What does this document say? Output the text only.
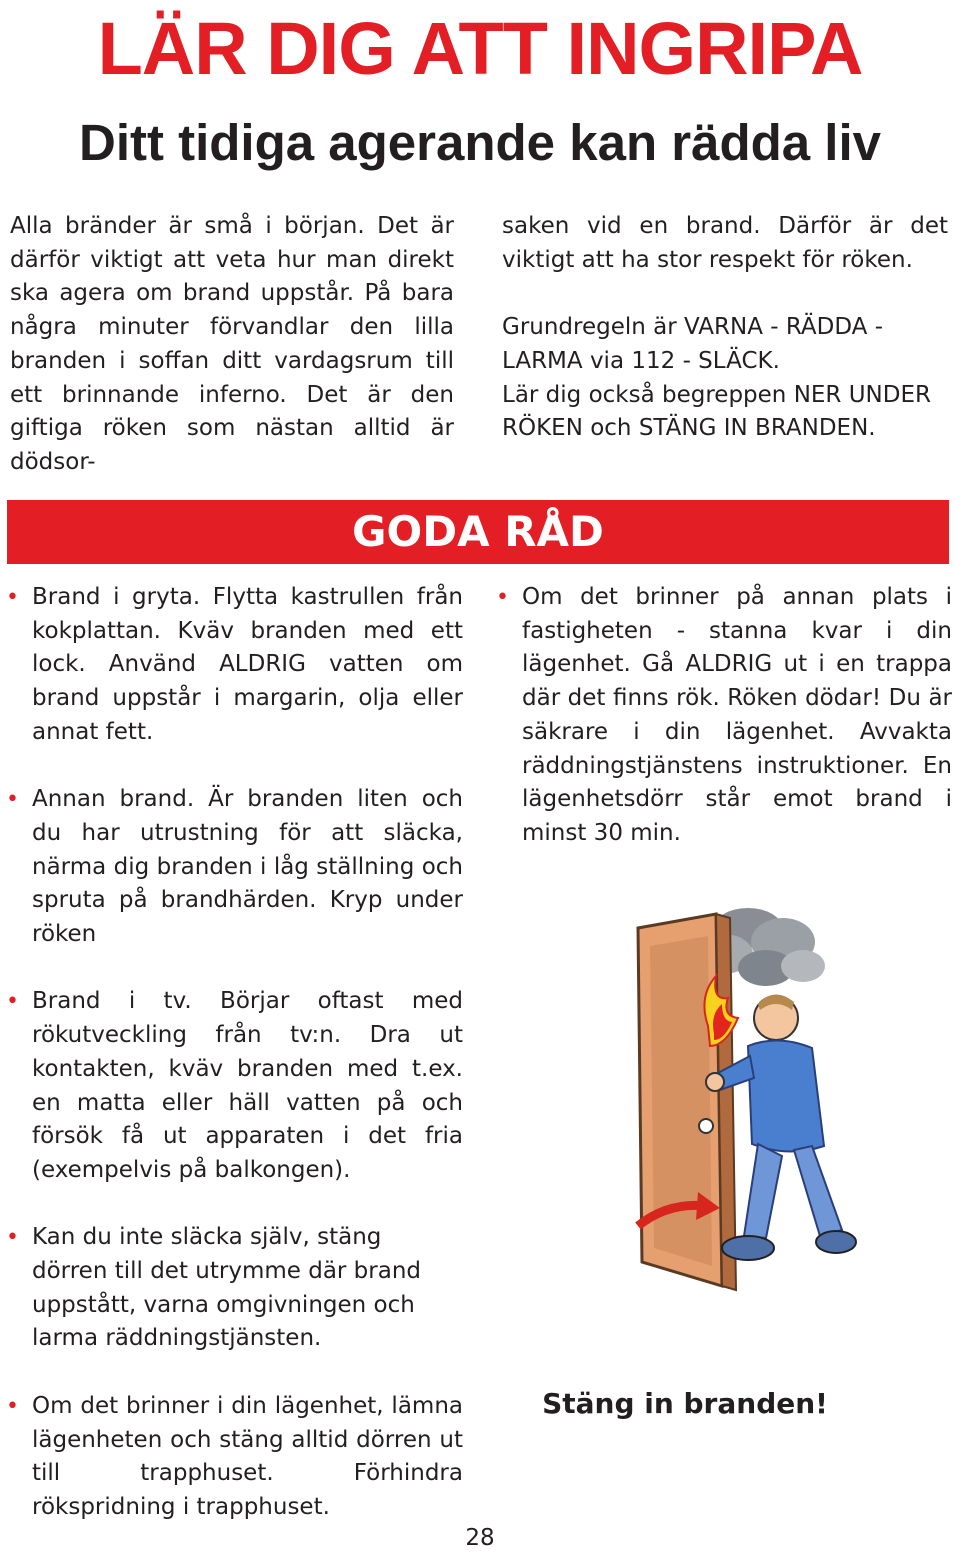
LÄR DIG ATT INGRIPA
Ditt tidiga agerande kan rädda liv

Alla bränder är små i början. Det är därför viktigt att veta hur man direkt ska agera om brand uppstår. På bara några minuter förvandlar den lilla branden i soffan ditt vardagsrum till ett brinnande inferno. Det är den giftiga röken som nästan alltid är dödsor-

saken vid en brand. Därför är det viktigt att ha stor respekt för röken.

Grundregeln är VARNA - RÄDDA - LARMA via 112 - SLÄCK.

Lär dig också begreppen NER UNDER RÖKEN och STÄNG IN BRANDEN.

GODA RÅD
• Brand i gryta. Flytta kastrullen från kokplattan. Kväv branden med ett lock. Använd ALDRIG vatten om brand uppstår i margarin, olja eller annat fett.
• Annan brand. Är branden liten och du har utrustning för att släcka, närma dig branden i låg ställning och spruta på brandhärden. Kryp under röken
• Brand i tv. Börjar oftast med rökutveckling från tv:n. Dra ut kontakten, kväv branden med t.ex. en matta eller häll vatten på och försök få ut apparaten i det fria (exempelvis på balkongen).
• Kan du inte släcka själv, stäng dörren till det utrymme där brand uppstått, varna omgivningen och larma räddningstjänsten.
• Om det brinner i din lägenhet, lämna lägenheten och stäng alltid dörren ut till trapphuset. Förhindra rökspridning i trapphuset.
• Om det brinner på annan plats i fastigheten - stanna kvar i din lägenhet. Gå ALDRIG ut i en trappa där det finns rök. Röken dödar! Du är säkrare i din lägenhet. Avvakta räddningstjänstens instruktioner. En lägenhetsdörr står emot brand i minst 30 min.

Stäng in branden!

28
